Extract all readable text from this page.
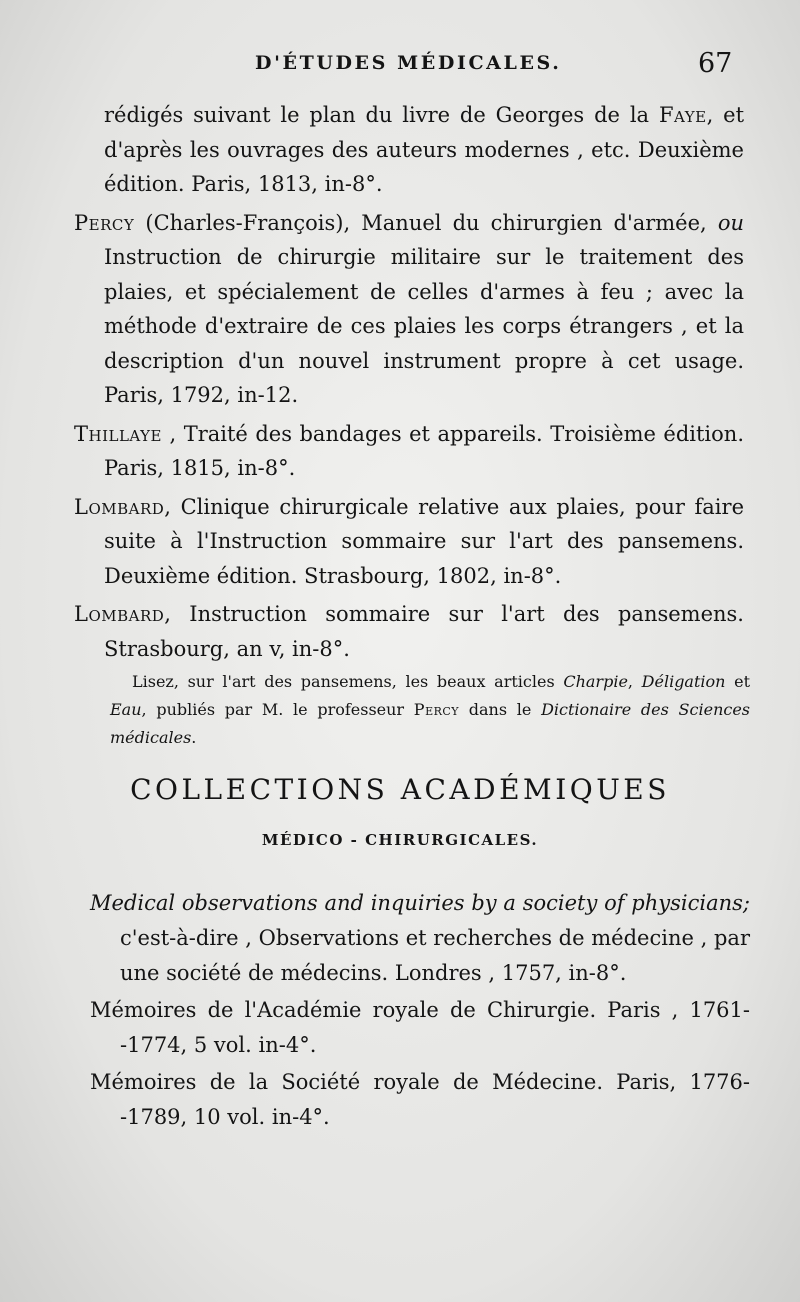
D'ÉTUDES MÉDICALES.	67

rédigés suivant le plan du livre de Georges de la Faye, et d'après les ouvrages des auteurs modernes , etc. Deuxième édition. Paris, 1813, in-8°.

Percy (Charles-François), Manuel du chirurgien d'armée, ou Instruction de chirurgie militaire sur le traitement des plaies, et spécialement de celles d'armes à feu ; avec la méthode d'extraire de ces plaies les corps étrangers , et la description d'un nouvel instrument propre à cet usage. Paris, 1792, in-12.

Thillaye , Traité des bandages et appareils. Troisième édition. Paris, 1815, in-8°.

Lombard, Clinique chirurgicale relative aux plaies, pour faire suite à l'Instruction sommaire sur l'art des pansemens. Deuxième édition. Strasbourg, 1802, in-8°.

Lombard, Instruction sommaire sur l'art des pansemens. Strasbourg, an v, in-8°.

Lisez, sur l'art des pansemens, les beaux articles Charpie, Déligation et Eau, publiés par M. le professeur Percy dans le Dictionaire des Sciences médicales.

COLLECTIONS ACADÉMIQUES
MÉDICO - CHIRURGICALES.

Medical observations and inquiries by a society of physicians; c'est-à-dire , Observations et recherches de médecine , par une société de médecins. Londres , 1757, in-8°.

Mémoires de l'Académie royale de Chirurgie. Paris , 1761--1774, 5 vol. in-4°.

Mémoires de la Société royale de Médecine. Paris, 1776--1789, 10 vol. in-4°.
